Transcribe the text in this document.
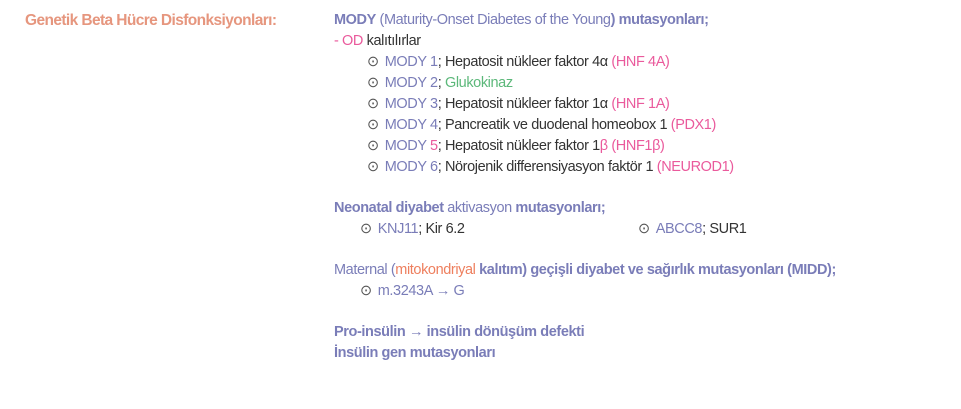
Genetik Beta Hücre Disfonksiyonları:	MODY (Maturity-Onset Diabetes of the Young) mutasyonları;
- OD kalıtılırlar
⊙ MODY 1; Hepatosit nükleer faktor 4α (HNF 4A)
⊙ MODY 2; Glukokinaz
⊙ MODY 3; Hepatosit nükleer faktor 1α (HNF 1A)
⊙ MODY 4; Pancreatik ve duodenal homeobox 1 (PDX1)
⊙ MODY 5; Hepatosit nükleer faktor 1β (HNF1β)
⊙ MODY 6; Nörojenik differensiyasyon faktör 1 (NEUROD1)
Neonatal diyabet aktivasyon mutasyonları;
⊙ KNJ11; Kir 6.2	⊙ ABCC8; SUR1
Maternal (mitokondriyal kalıtım) geçişli diyabet ve sağırlık mutasyonları (MIDD);
⊙ m.3243A → G
Pro-insülin → insülin dönüşüm defekti
İnsülin gen mutasyonları
